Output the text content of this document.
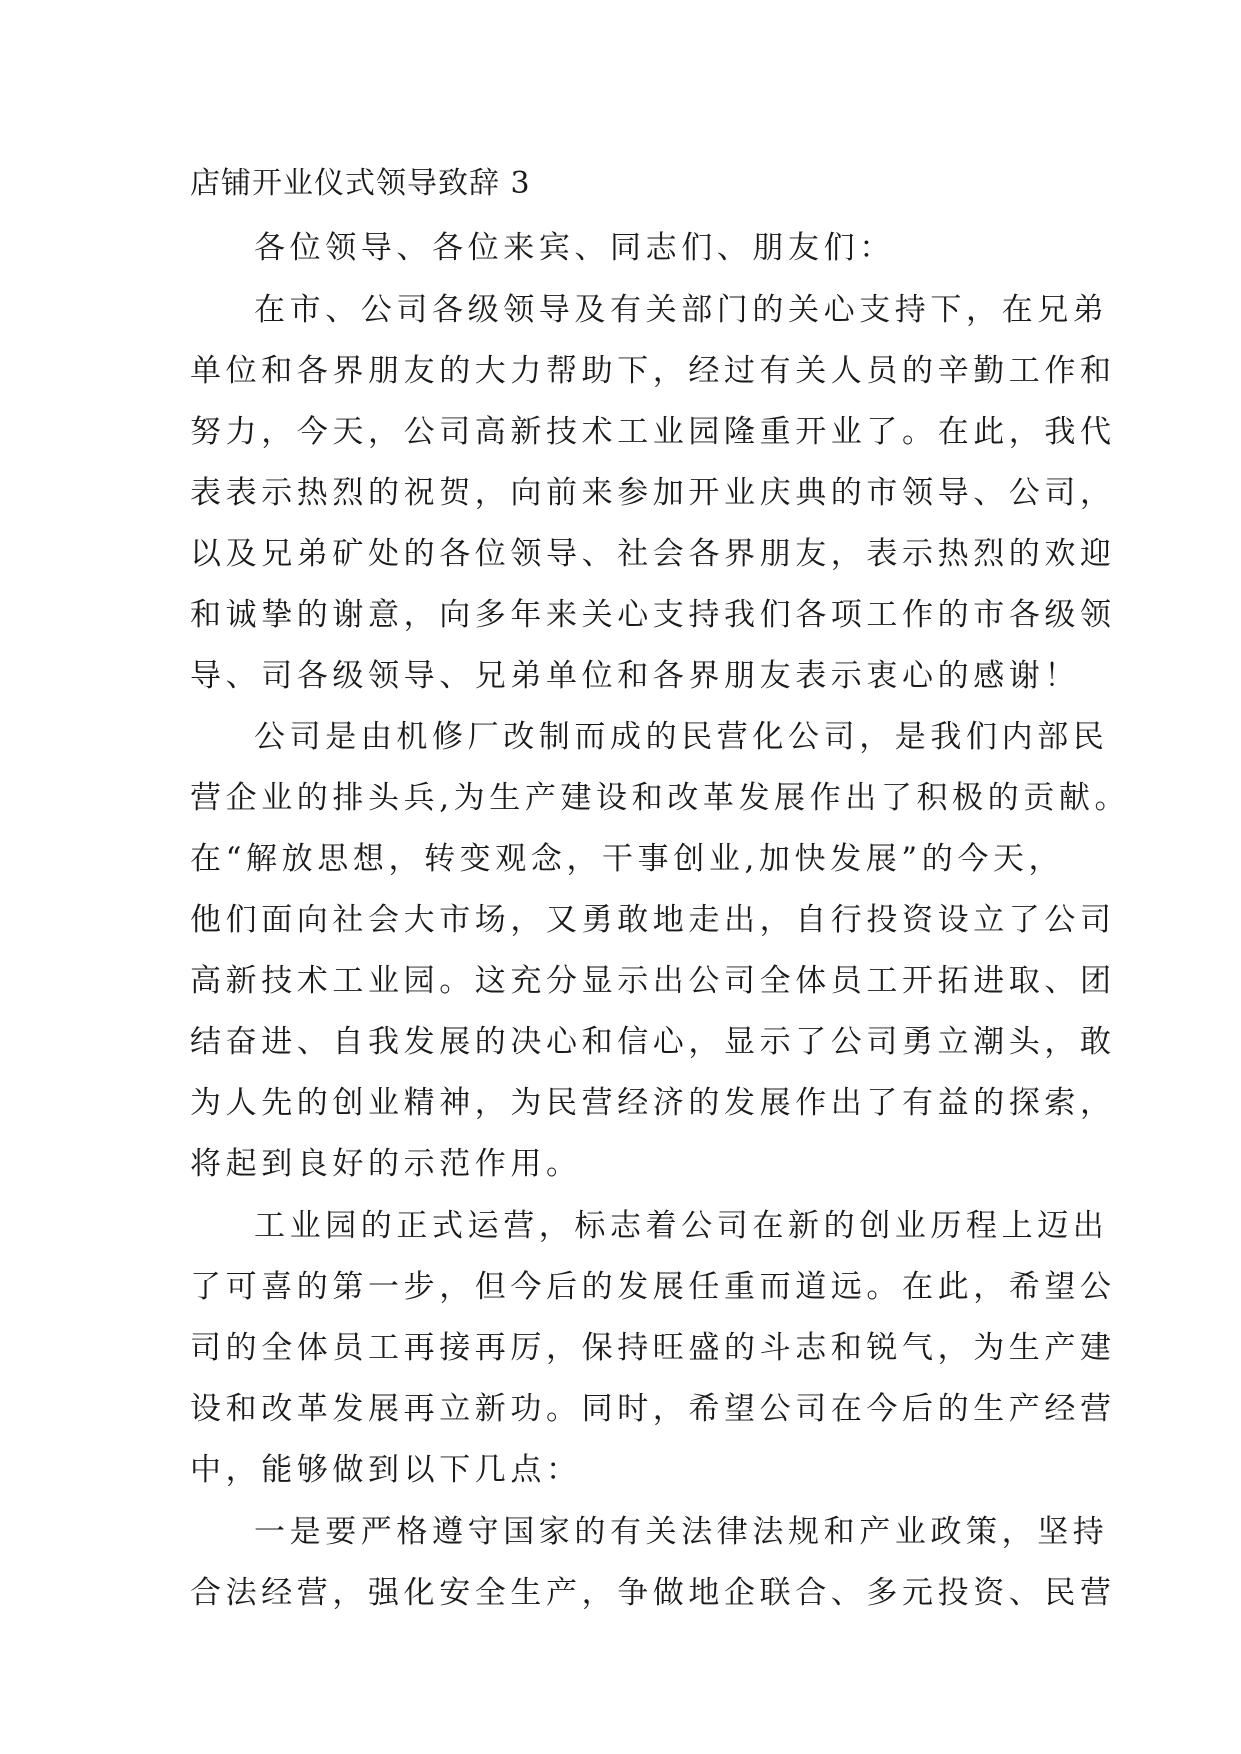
店铺开业仪式领导致辞 3
各位领导、各位来宾、同志们、朋友们：
在市、公司各级领导及有关部门的关心支持下，在兄弟
单位和各界朋友的大力帮助下，经过有关人员的辛勤工作和
努力，今天，公司高新技术工业园隆重开业了。在此，我代
表表示热烈的祝贺，向前来参加开业庆典的市领导、公司，
以及兄弟矿处的各位领导、社会各界朋友，表示热烈的欢迎
和诚挚的谢意，向多年来关心支持我们各项工作的市各级领
导、司各级领导、兄弟单位和各界朋友表示衷心的感谢！
公司是由机修厂改制而成的民营化公司，是我们内部民
营企业的排头兵,为生产建设和改革发展作出了积极的贡献。
在“解放思想，转变观念，干事创业,加快发展”的今天，
他们面向社会大市场，又勇敢地走出，自行投资设立了公司
高新技术工业园。这充分显示出公司全体员工开拓进取、团
结奋进、自我发展的决心和信心，显示了公司勇立潮头，敢
为人先的创业精神，为民营经济的发展作出了有益的探索，
将起到良好的示范作用。
工业园的正式运营，标志着公司在新的创业历程上迈出
了可喜的第一步，但今后的发展任重而道远。在此，希望公
司的全体员工再接再厉，保持旺盛的斗志和锐气，为生产建
设和改革发展再立新功。同时，希望公司在今后的生产经营
中，能够做到以下几点：
一是要严格遵守国家的有关法律法规和产业政策，坚持
合法经营，强化安全生产，争做地企联合、多元投资、民营
